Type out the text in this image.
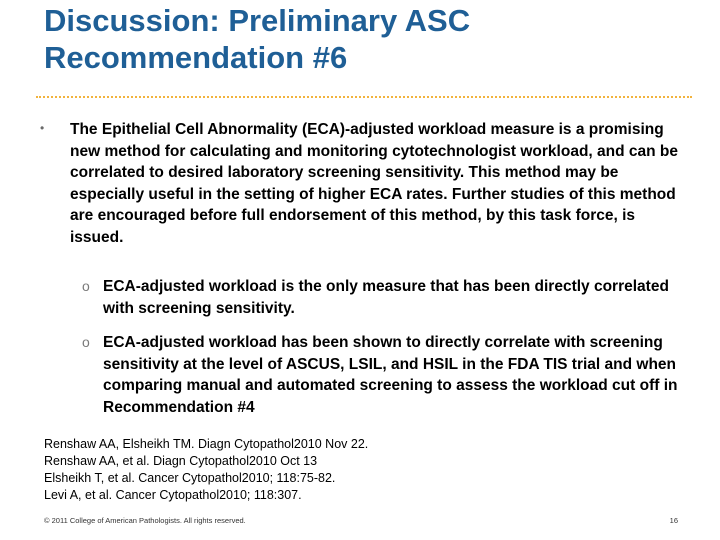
Discussion: Preliminary ASC Recommendation #6
• The Epithelial Cell Abnormality (ECA)-adjusted workload measure is a promising new method for calculating and monitoring cytotechnologist workload, and can be correlated to desired laboratory screening sensitivity. This method may be especially useful in the setting of higher ECA rates. Further studies of this method are encouraged before full endorsement of this method, by this task force, is issued.
o ECA-adjusted workload is the only measure that has been directly correlated with screening sensitivity.
o ECA-adjusted workload has been shown to directly correlate with screening sensitivity at the level of ASCUS, LSIL, and HSIL in the FDA TIS trial and when comparing manual and automated screening to assess the workload cut off in Recommendation #4
Renshaw AA, Elsheikh TM. Diagn Cytopathol2010 Nov 22.
Renshaw AA, et al. Diagn Cytopathol2010 Oct 13
Elsheikh T, et al. Cancer Cytopathol2010; 118:75-82.
Levi A, et al. Cancer Cytopathol2010; 118:307.
© 2011 College of American Pathologists. All rights reserved.	16
